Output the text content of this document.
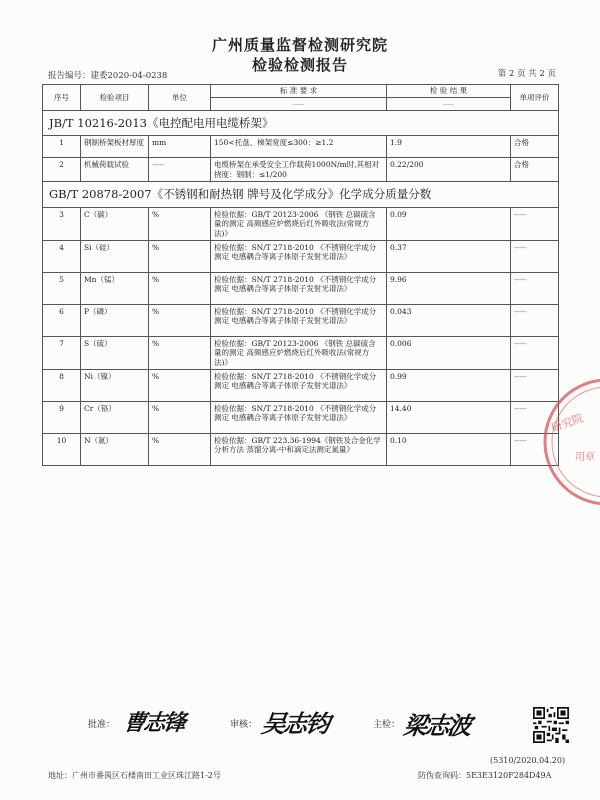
广州质量监督检测研究院
检验检测报告
报告编号：建委2020-04-0238	第 2 页 共 2 页
序号	检验项目	单位	标 准 要 求	检 验 结 果	单项评价
			-----	-----	
JB/T 10216-2013《电控配电用电缆桥架》					
1	钢制桥架板材厚度	mm	150<托盘、梯架宽度≤300：≥1.2	1.9	合格
2	机械荷载试验	-----	电缆桥架在承受安全工作载荷1000N/m时,其相对挠度：钢制：≤1/200	0.22/200	合格
GB/T 20878-2007《不锈钢和耐热钢 牌号及化学成分》化学成分质量分数					
3	C（碳）	%	检验依据：GB/T 20123-2006 《钢铁 总碳硫含量的测定 高频感应炉燃烧后红外吸收法(常规方法)》	0.09	-----
4	Si（硅）	%	检验依据：SN/T 2718-2010 《不锈钢化学成分测定 电感耦合等离子体原子发射光谱法》	0.37	-----
5	Mn（锰）	%	检验依据：SN/T 2718-2010 《不锈钢化学成分测定 电感耦合等离子体原子发射光谱法》	9.96	-----
6	P（磷）	%	检验依据：SN/T 2718-2010 《不锈钢化学成分测定 电感耦合等离子体原子发射光谱法》	0.043	-----
7	S（硫）	%	检验依据：GB/T 20123-2006 《钢铁 总碳硫含量的测定 高频感应炉燃烧后红外吸收法(常规方法)》	0.006	-----
8	Ni（镍）	%	检验依据：SN/T 2718-2010 《不锈钢化学成分测定 电感耦合等离子体原子发射光谱法》	0.99	-----
9	Cr（铬）	%	检验依据：SN/T 2718-2010 《不锈钢化学成分测定 电感耦合等离子体原子发射光谱法》	14.40	-----
10	N（氮）	%	检验依据：GB/T 223.36-1994《钢铁及合金化学分析方法 蒸馏分离-中和滴定法测定氮量》	0.10	-----
研究院
用章
批准： 曹志锋	审核： 吴志钧	主检： 梁志波
(5310/2020.04.20)
地址：广州市番禺区石楼南田工业区珠江路1-2号	防伪查询码：5E3E3120F284D49A
